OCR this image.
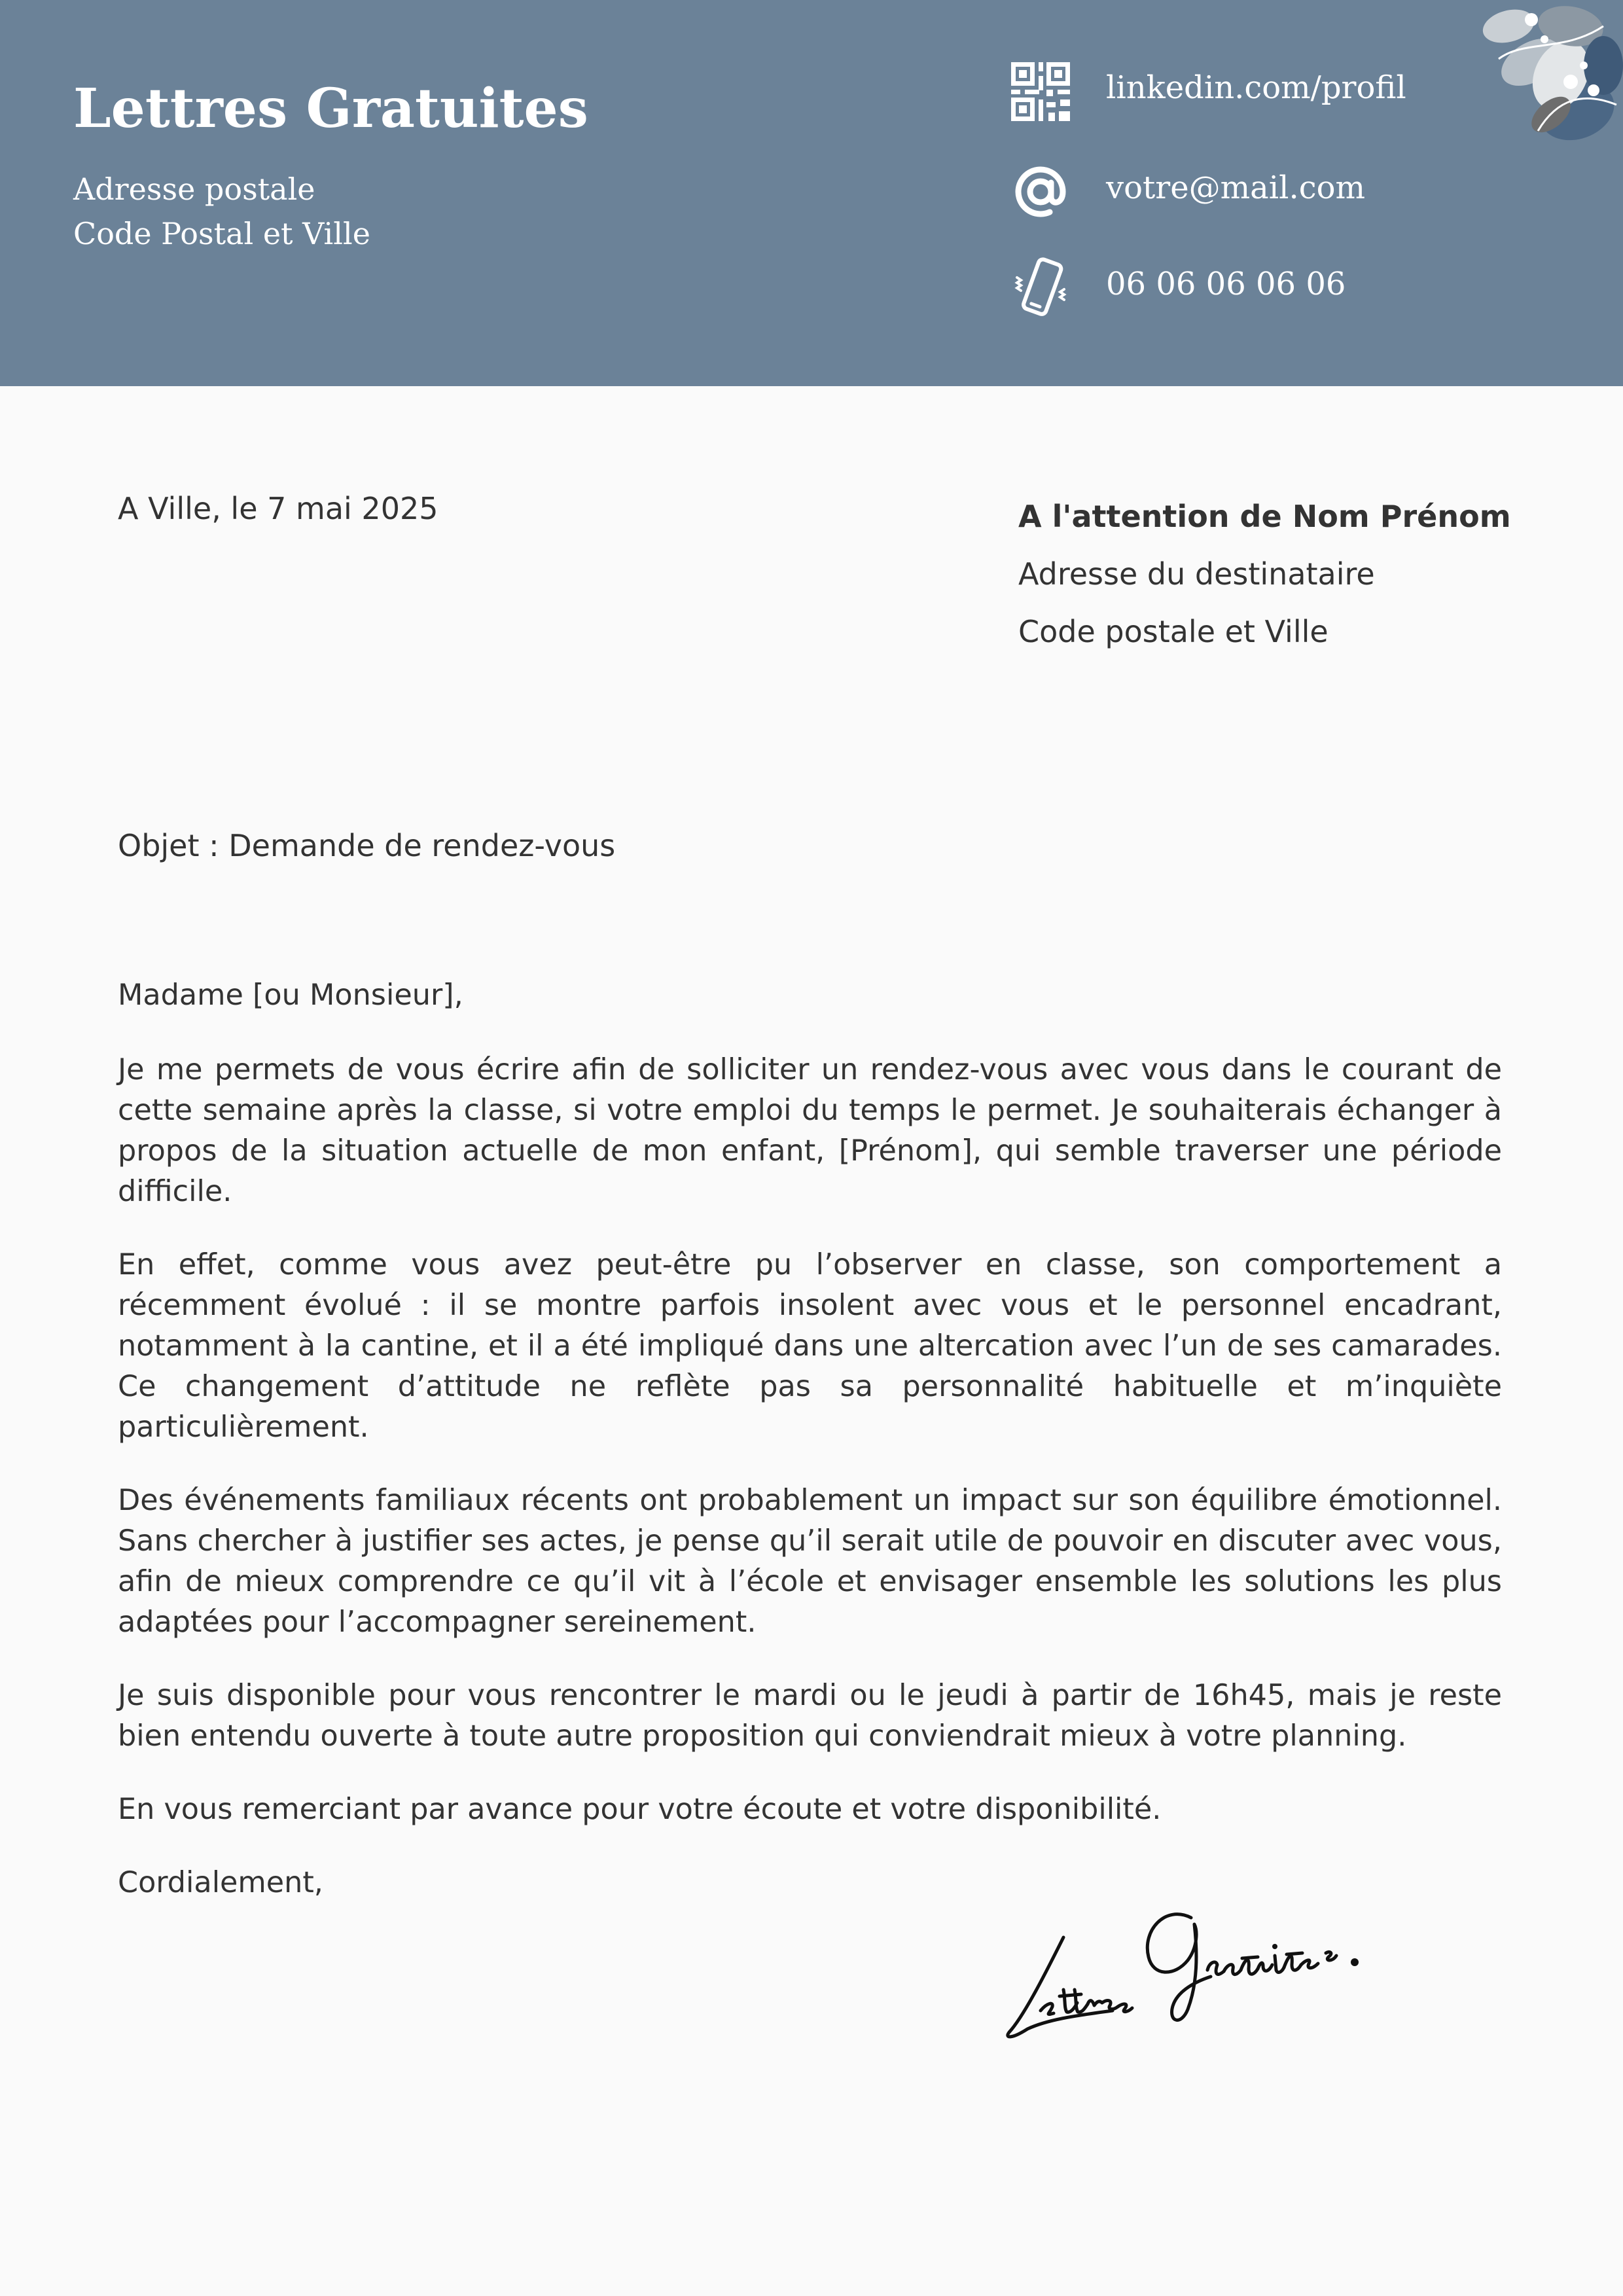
Lettres Gratuites
Adresse postale
Code Postal et Ville
linkedin.com/profil
votre@mail.com
06 06 06 06 06
A Ville, le 7 mai 2025	A l'attention de Nom Prénom
Adresse du destinataire
Code postale et Ville
Objet : Demande de rendez-vous

Madame [ou Monsieur],

Je me permets de vous écrire afin de solliciter un rendez-vous avec vous dans le courant de cette semaine après la classe, si votre emploi du temps le permet. Je souhaiterais échanger à propos de la situation actuelle de mon enfant, [Prénom], qui semble traverser une période difficile.

En effet, comme vous avez peut-être pu l’observer en classe, son comportement a récemment évolué : il se montre parfois insolent avec vous et le personnel encadrant, notamment à la cantine, et il a été impliqué dans une altercation avec l’un de ses camarades. Ce changement d’attitude ne reflète pas sa personnalité habituelle et m’inquiète particulièrement.

Des événements familiaux récents ont probablement un impact sur son équilibre émotionnel. Sans chercher à justifier ses actes, je pense qu’il serait utile de pouvoir en discuter avec vous, afin de mieux comprendre ce qu’il vit à l’école et envisager ensemble les solutions les plus adaptées pour l’accompagner sereinement.

Je suis disponible pour vous rencontrer le mardi ou le jeudi à partir de 16h45, mais je reste bien entendu ouverte à toute autre proposition qui conviendrait mieux à votre planning.

En vous remerciant par avance pour votre écoute et votre disponibilité.

Cordialement,
